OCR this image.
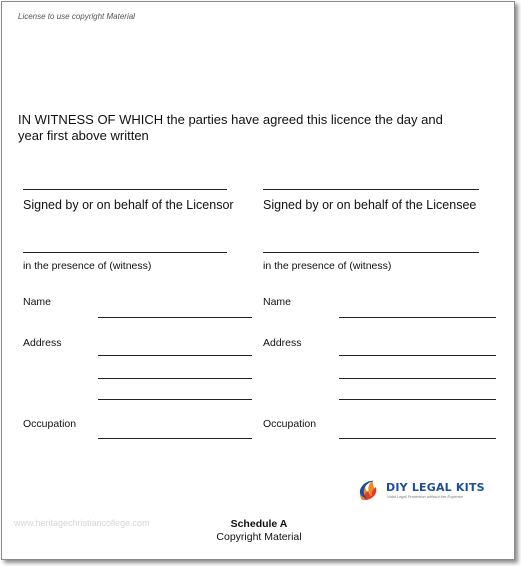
License to use copyright Material
IN WITNESS OF WHICH the parties have agreed this licence the day and year first above written
Signed by or on behalf of the Licensor
in the presence of (witness)
Name
Address
Occupation
Signed by or on behalf of the Licensee
in the presence of (witness)
Name
Address
Occupation
DIY LEGAL KITS
Valid Legal Protection without the Expense
www.heritagechristiancollege.com	Schedule A
Copyright Material
